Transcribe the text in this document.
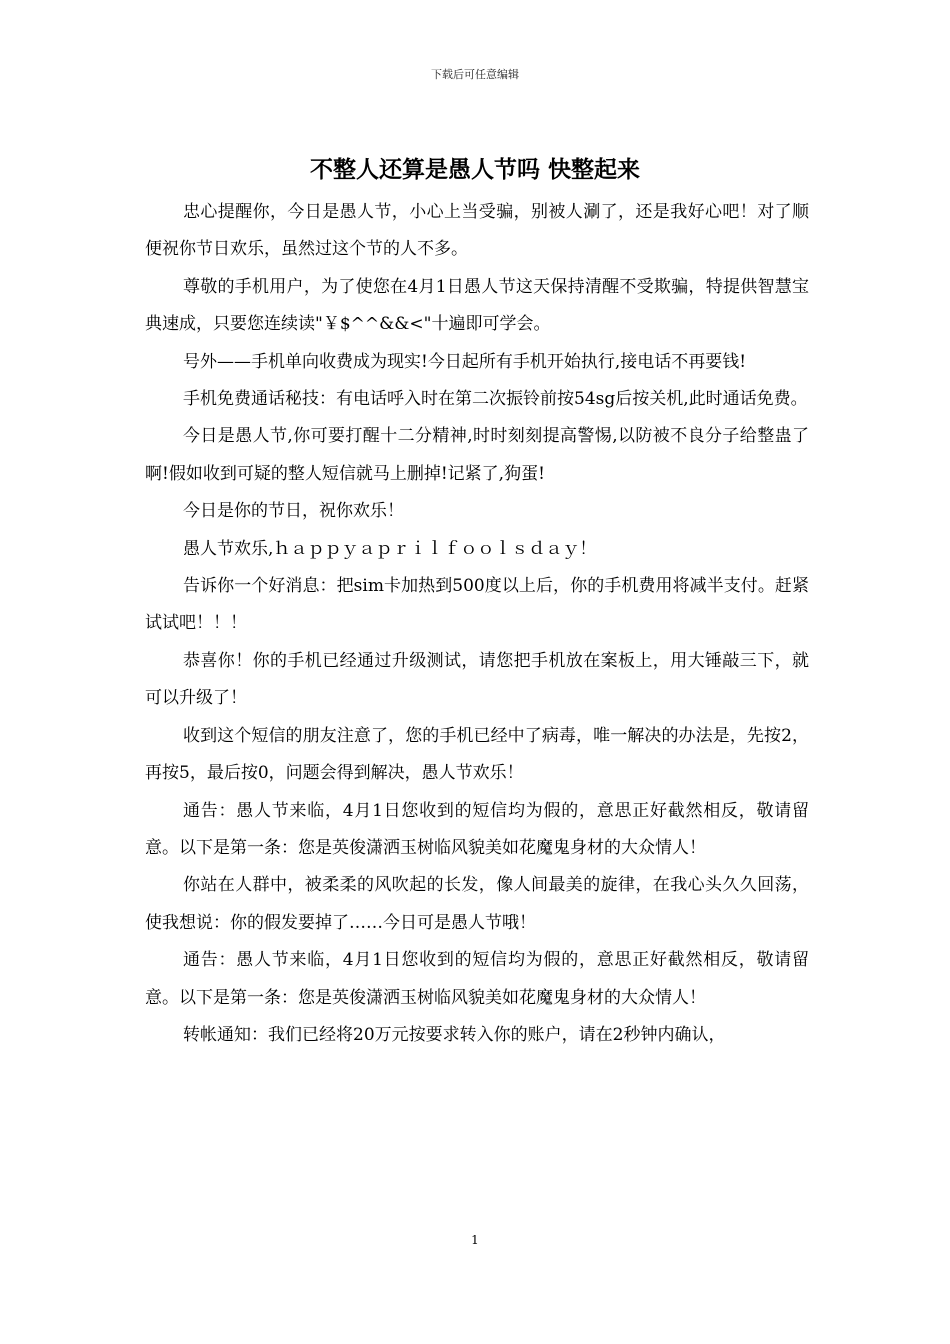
下载后可任意编辑
不整人还算是愚人节吗 快整起来

忠心提醒你，今日是愚人节，小心上当受骗，别被人涮了，还是我好心吧！对了顺便祝你节日欢乐，虽然过这个节的人不多。

尊敬的手机用户，为了使您在4月1日愚人节这天保持清醒不受欺骗，特提供智慧宝典速成，只要您连续读"￥$^^&&<"十遍即可学会。

号外——手机单向收费成为现实!今日起所有手机开始执行,接电话不再要钱!

手机免费通话秘技：有电话呼入时在第二次振铃前按54sg后按关机,此时通话免费。

今日是愚人节,你可要打醒十二分精神,时时刻刻提高警惕,以防被不良分子给整蛊了啊!假如收到可疑的整人短信就马上删掉!记紧了,狗蛋!

今日是你的节日，祝你欢乐！

愚人节欢乐,ｈａｐｐｙａｐｒｉｌｆｏｏｌｓｄａｙ！

告诉你一个好消息：把sim卡加热到500度以上后，你的手机费用将减半支付。赶紧试试吧！！！

恭喜你！你的手机已经通过升级测试，请您把手机放在案板上，用大锤敲三下，就可以升级了！

收到这个短信的朋友注意了，您的手机已经中了病毒，唯一解决的办法是，先按2，再按5，最后按0，问题会得到解决，愚人节欢乐！

通告：愚人节来临，4月1日您收到的短信均为假的，意思正好截然相反，敬请留意。以下是第一条：您是英俊潇洒玉树临风貌美如花魔鬼身材的大众情人！

你站在人群中，被柔柔的风吹起的长发，像人间最美的旋律，在我心头久久回荡，使我想说：你的假发要掉了……今日可是愚人节哦！

通告：愚人节来临，4月1日您收到的短信均为假的，意思正好截然相反，敬请留意。以下是第一条：您是英俊潇洒玉树临风貌美如花魔鬼身材的大众情人！

转帐通知：我们已经将20万元按要求转入你的账户，请在2秒钟内确认，

1
